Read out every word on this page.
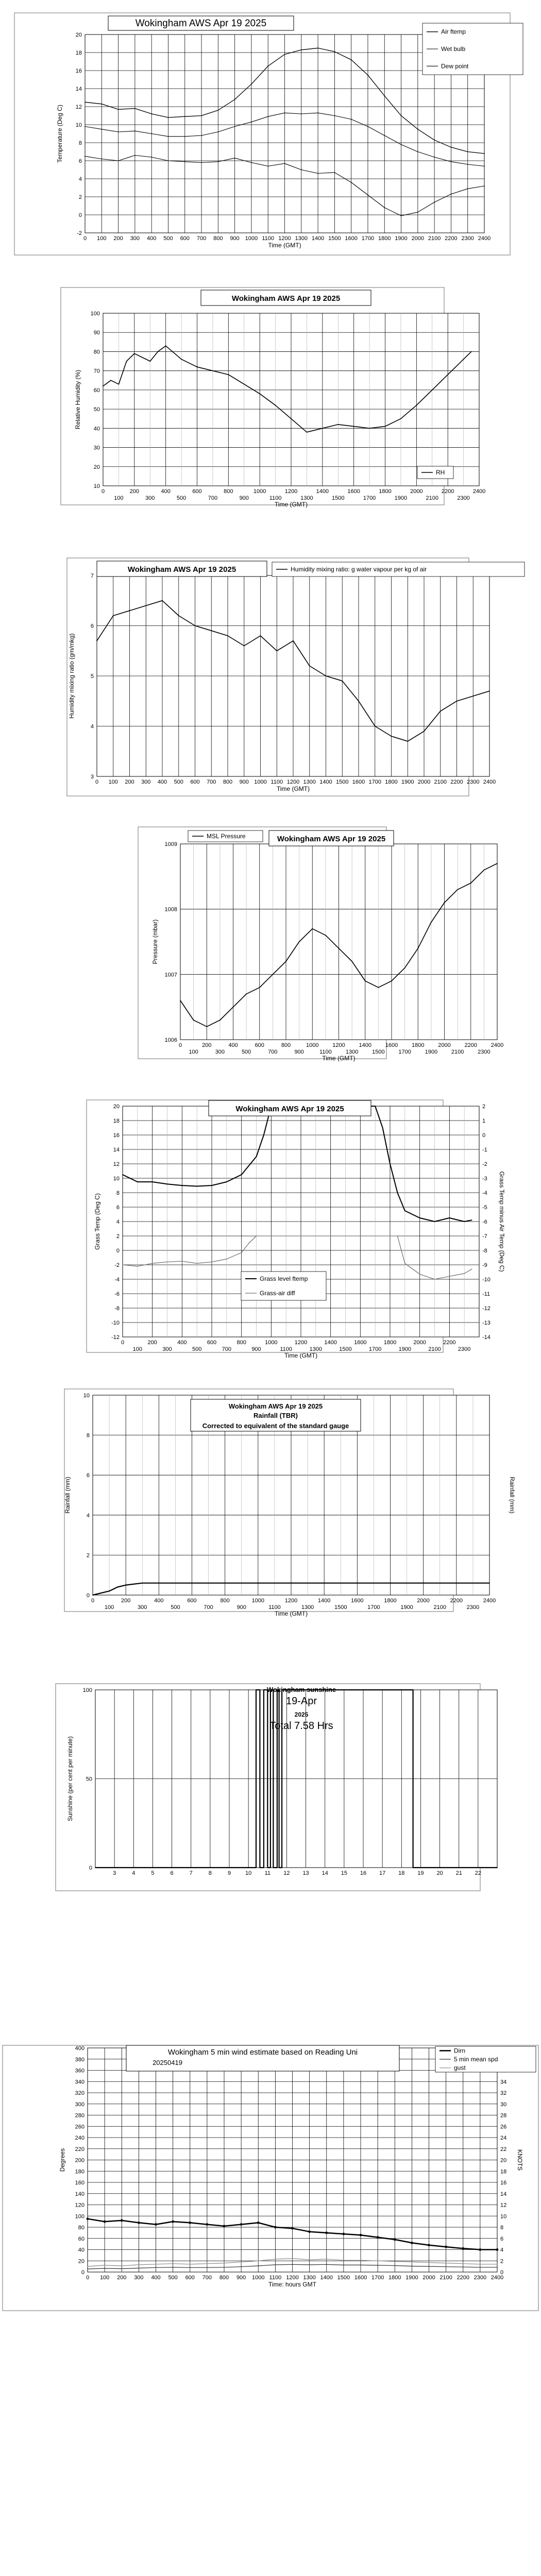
-2
0
2
4
6
8
10
12
14
16
18
20
0 100 200 300 400 500 600 700 800 900 1000 1100 1200 1300 1400 1500 1600 1700 1800 1900 2000 2100 2200 2300 2400
Time (GMT)
Temperature (Deg C)
Wokingham AWS Apr 19 2025
Air ftemp
Wet bulb
Dew point
10
20
30
40
50
60
70
80
90
100
0	200	400	600	800	1000	1200	1400	1600	1800	2000	2200	2400
100	300	500	700	900	1100	1300	1500	1700	1900	2100	2300
Time (GMT)
Relative Humidity (%)
Wokingham AWS Apr 19 2025
RH
3
4
5
6
7
0 100 200 300 400 500 600 700 800 900 1000 1100 1200 1300 1400 1500 1600 1700 1800 1900 2000 2100 2200 2300 2400
Time (GMT)
Humidity mixing ratio (gm/mkg)
Wokingham AWS Apr 19 2025	Humidity mixing ratio: g water vapour per kg of air
1006
1007
1008
1009
0	200	400	600	800	1000 1200 1400 1600 1800 2000 2200 2400
100	300	500	700	900	1100 1300 1500 1700 1900 2100 2300
Time (GMT)
Pressure (mbar)
Wokingham AWS Apr 19 2025
MSL Pressure
-12
-10
-8
-6
-4
-2
0
2
4
6
8
10
12
14
16
18
20
0	200	400	600	800	1000	1200	1400	1600	1800	2000	2200
100	300	500	700	900	1100	1300	1500	1700	1900	2100	2300
-14
-13
-12
-11
-10
-9
-8
-7
-6
-5
-4
-3
-2
-1
0
1
2
Time (GMT)
Grass Temp (Deg C)	Grass Temp minus Air Temp (Deg C)
Wokingham AWS Apr 19 2025
Grass level ftemp
Grass-air diff
0
2
4
6
8
10
0	200	400	600	800	1000	1200	1400	1600	1800	2000	2200	2400
100	300	500	700	900	1100	1300	1500	1700	1900	2100	2300
Time (GMT)
Rainfall (mm)	Rainfall (mm)
Wokingham AWS Apr 19 2025
Rainfall (TBR)
Corrected to equivalent of the standard gauge
0
50
100
3	4	5	6	7	8	9	10 11 12 13 14 15 16 17 18 19 20 21 22
Sunshine (per cent per minute)
Wokingham sunshine
19-Apr
2025
Total 7.58 Hrs
0
20
40
60
80
100
120
140
160
180
200
220
240
260
280
300
320
340
360
380
400
0 100 200 300 400 500 600 700 800 900 1000 1100 1200 1300 1400 1500 1600 1700 1800 1900 2000 2100 2200 2300 2400
0
2
4
6
8
10
12
14
16
18
20
22
24
26
28
30
32
34
Time: hours GMT
Degrees	KNOTS
Wokingham 5 min wind estimate based on Reading Uni
20250419
Dirn
5 min mean spd
gust
